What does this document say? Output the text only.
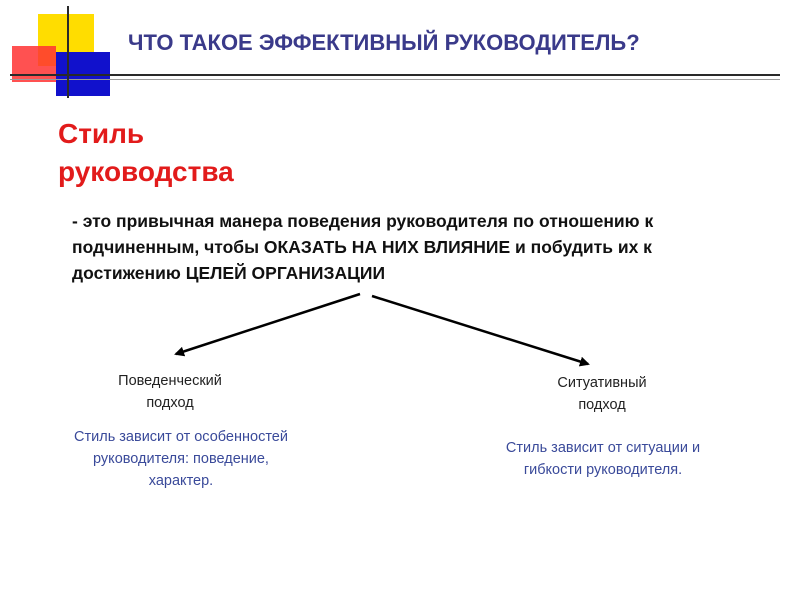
ЧТО ТАКОЕ ЭФФЕКТИВНЫЙ РУКОВОДИТЕЛЬ?
Стиль
руководства
- это привычная манера поведения руководителя по отношению к подчиненным, чтобы ОКАЗАТЬ НА НИХ ВЛИЯНИЕ и побудить их к достижению ЦЕЛЕЙ ОРГАНИЗАЦИИ
Поведенческий
подход
Стиль зависит от особенностей
руководителя: поведение,
характер.
Ситуативный
подход
Стиль зависит от ситуации и
гибкости руководителя.
